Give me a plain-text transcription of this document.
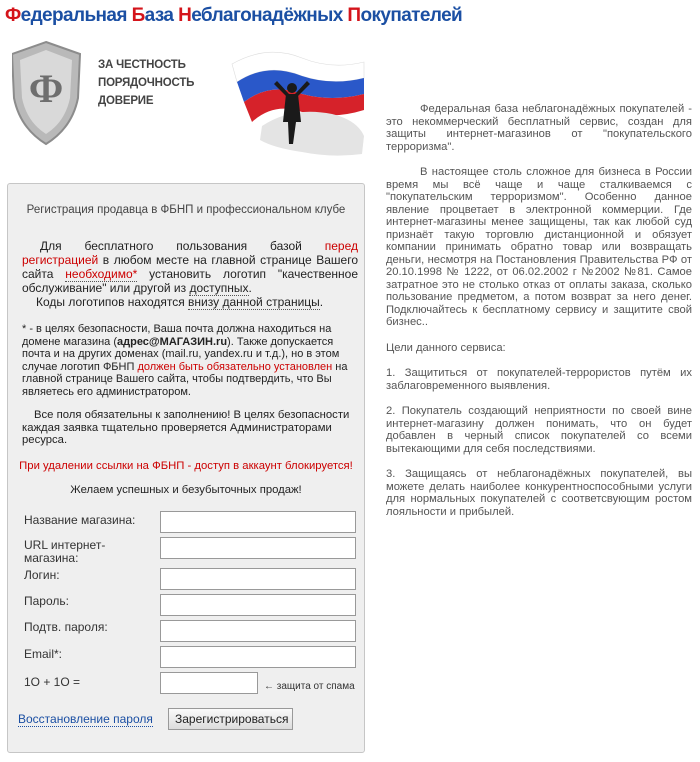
Федеральная База Неблагонадёжных Покупателей
Ф
ЗА ЧЕСТНОСТЬ
ПОРЯДОЧНОСТЬ
ДОВЕРИЕ

Федеральная база неблагонадёжных покупателей - это некоммерческий бесплатный сервис, создан для защиты интернет-магазинов от "покупательского терроризма".

В настоящее столь сложное для бизнеса в России время мы всё чаще и чаще сталкиваемся с "покупательским терроризмом". Особенно данное явление процветает в электронной коммерции. Где интернет-магазины менее защищены, так как любой суд признаёт такую торговлю дистанционной и обязует компании принимать обратно товар или возвращать деньги, несмотря на Постановления Правительства РФ от 20.10.1998 № 1222, от 06.02.2002 г №2002 №81. Самое затратное это не столько отказ от оплаты заказа, сколько пользование предметом, а потом возврат за него денег. Подключайтесь к бесплатному сервису и защитите свой бизнес..

Цели данного сервиса:

1. Защититься от покупателей-террористов путём их заблаговременного выявления.

2. Покупатель создающий неприятности по своей вине интернет-магазину должен понимать, что он будет добавлен в черный список покупателей со всеми вытекающими для себя последствиями.

3. Защищаясь от неблагонадёжных покупателей, вы можете делать наиболее конкурентноспособными услуги для нормальных покупателей с соответсвующим ростом лояльности и прибылей.

Регистрация продавца в ФБНП и профессиональном клубе

Для бесплатного пользования базой перед регистрацией в любом месте на главной странице Вашего сайта необходимо* установить логотип "качественное обслуживание" или другой из доступных.

Коды логотипов находятся внизу данной страницы.

* - в целях безопасности, Ваша почта должна находиться на домене магазина (адрес@МАГАЗИН.ru). Также допускается почта и на других доменах (mail.ru, yandex.ru и т.д.), но в этом случае логотип ФБНП должен быть обязательно установлен на главной странице Вашего сайта, чтобы подтвердить, что Вы являетесь его администратором.
Все поля обязательны к заполнению! В целях безопасности каждая заявка тщательно проверяется Администраторами ресурса.
При удалении ссылки на ФБНП - доступ в аккаунт блокируется!
Желаем успешных и безубыточных продаж!
Название магазина:
URL интернет-магазина:
Логин:
Пароль:
Подтв. пароля:
Email*:
1O + 1O =	← защита от спама
Восстановление пароля	Зарегистрироваться
